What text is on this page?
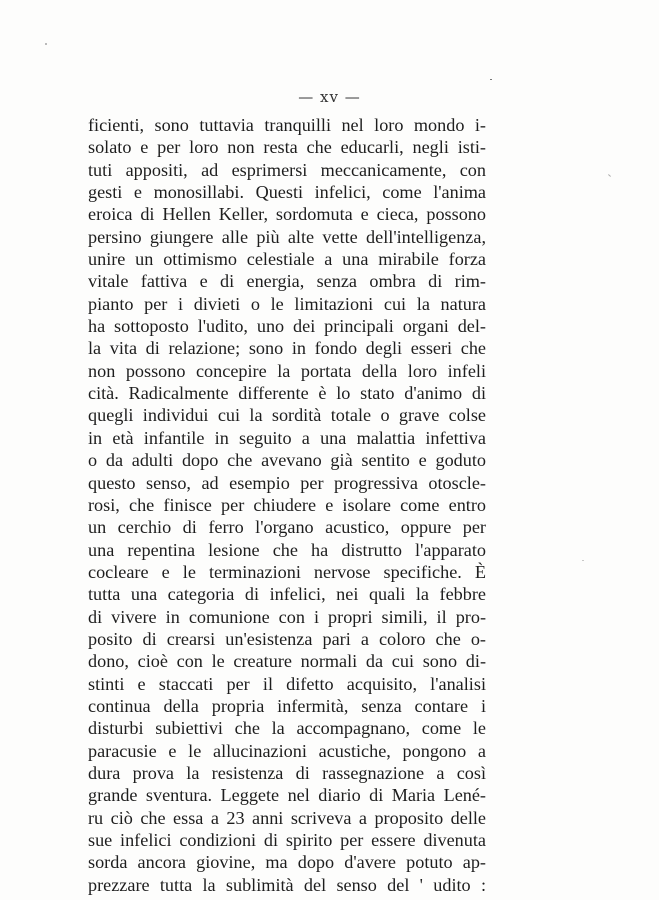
— xv —
ficienti, sono tuttavia tranquilli nel loro mondo i-
solato e per loro non resta che educarli, negli isti-
tuti appositi, ad esprimersi meccanicamente, con
gesti e monosillabi. Questi infelici, come l'anima
eroica di Hellen Keller, sordomuta e cieca, possono
persino giungere alle più alte vette dell'intelligenza,
unire un ottimismo celestiale a una mirabile forza
vitale fattiva e di energia, senza ombra di rim-
pianto per i divieti o le limitazioni cui la natura
ha sottoposto l'udito, uno dei principali organi del-
la vita di relazione; sono in fondo degli esseri che
non possono concepire la portata della loro infeli
cità. Radicalmente differente è lo stato d'animo di
quegli individui cui la sordità totale o grave colse
in età infantile in seguito a una malattia infettiva
o da adulti dopo che avevano già sentito e goduto
questo senso, ad esempio per progressiva otoscle-
rosi, che finisce per chiudere e isolare come entro
un cerchio di ferro l'organo acustico, oppure per
una repentina lesione che ha distrutto l'apparato
cocleare e le terminazioni nervose specifiche. È
tutta una categoria di infelici, nei quali la febbre
di vivere in comunione con i propri simili, il pro-
posito di crearsi un'esistenza pari a coloro che o-
dono, cioè con le creature normali da cui sono di-
stinti e staccati per il difetto acquisito, l'analisi
continua della propria infermità, senza contare i
disturbi subiettivi che la accompagnano, come le
paracusie e le allucinazioni acustiche, pongono a
dura prova la resistenza di rassegnazione a così
grande sventura. Leggete nel diario di Maria Lené-
ru ciò che essa a 23 anni scriveva a proposito delle
sue infelici condizioni di spirito per essere divenuta
sorda ancora giovine, ma dopo d'avere potuto ap-
prezzare tutta la sublimità del senso del ' udito :
